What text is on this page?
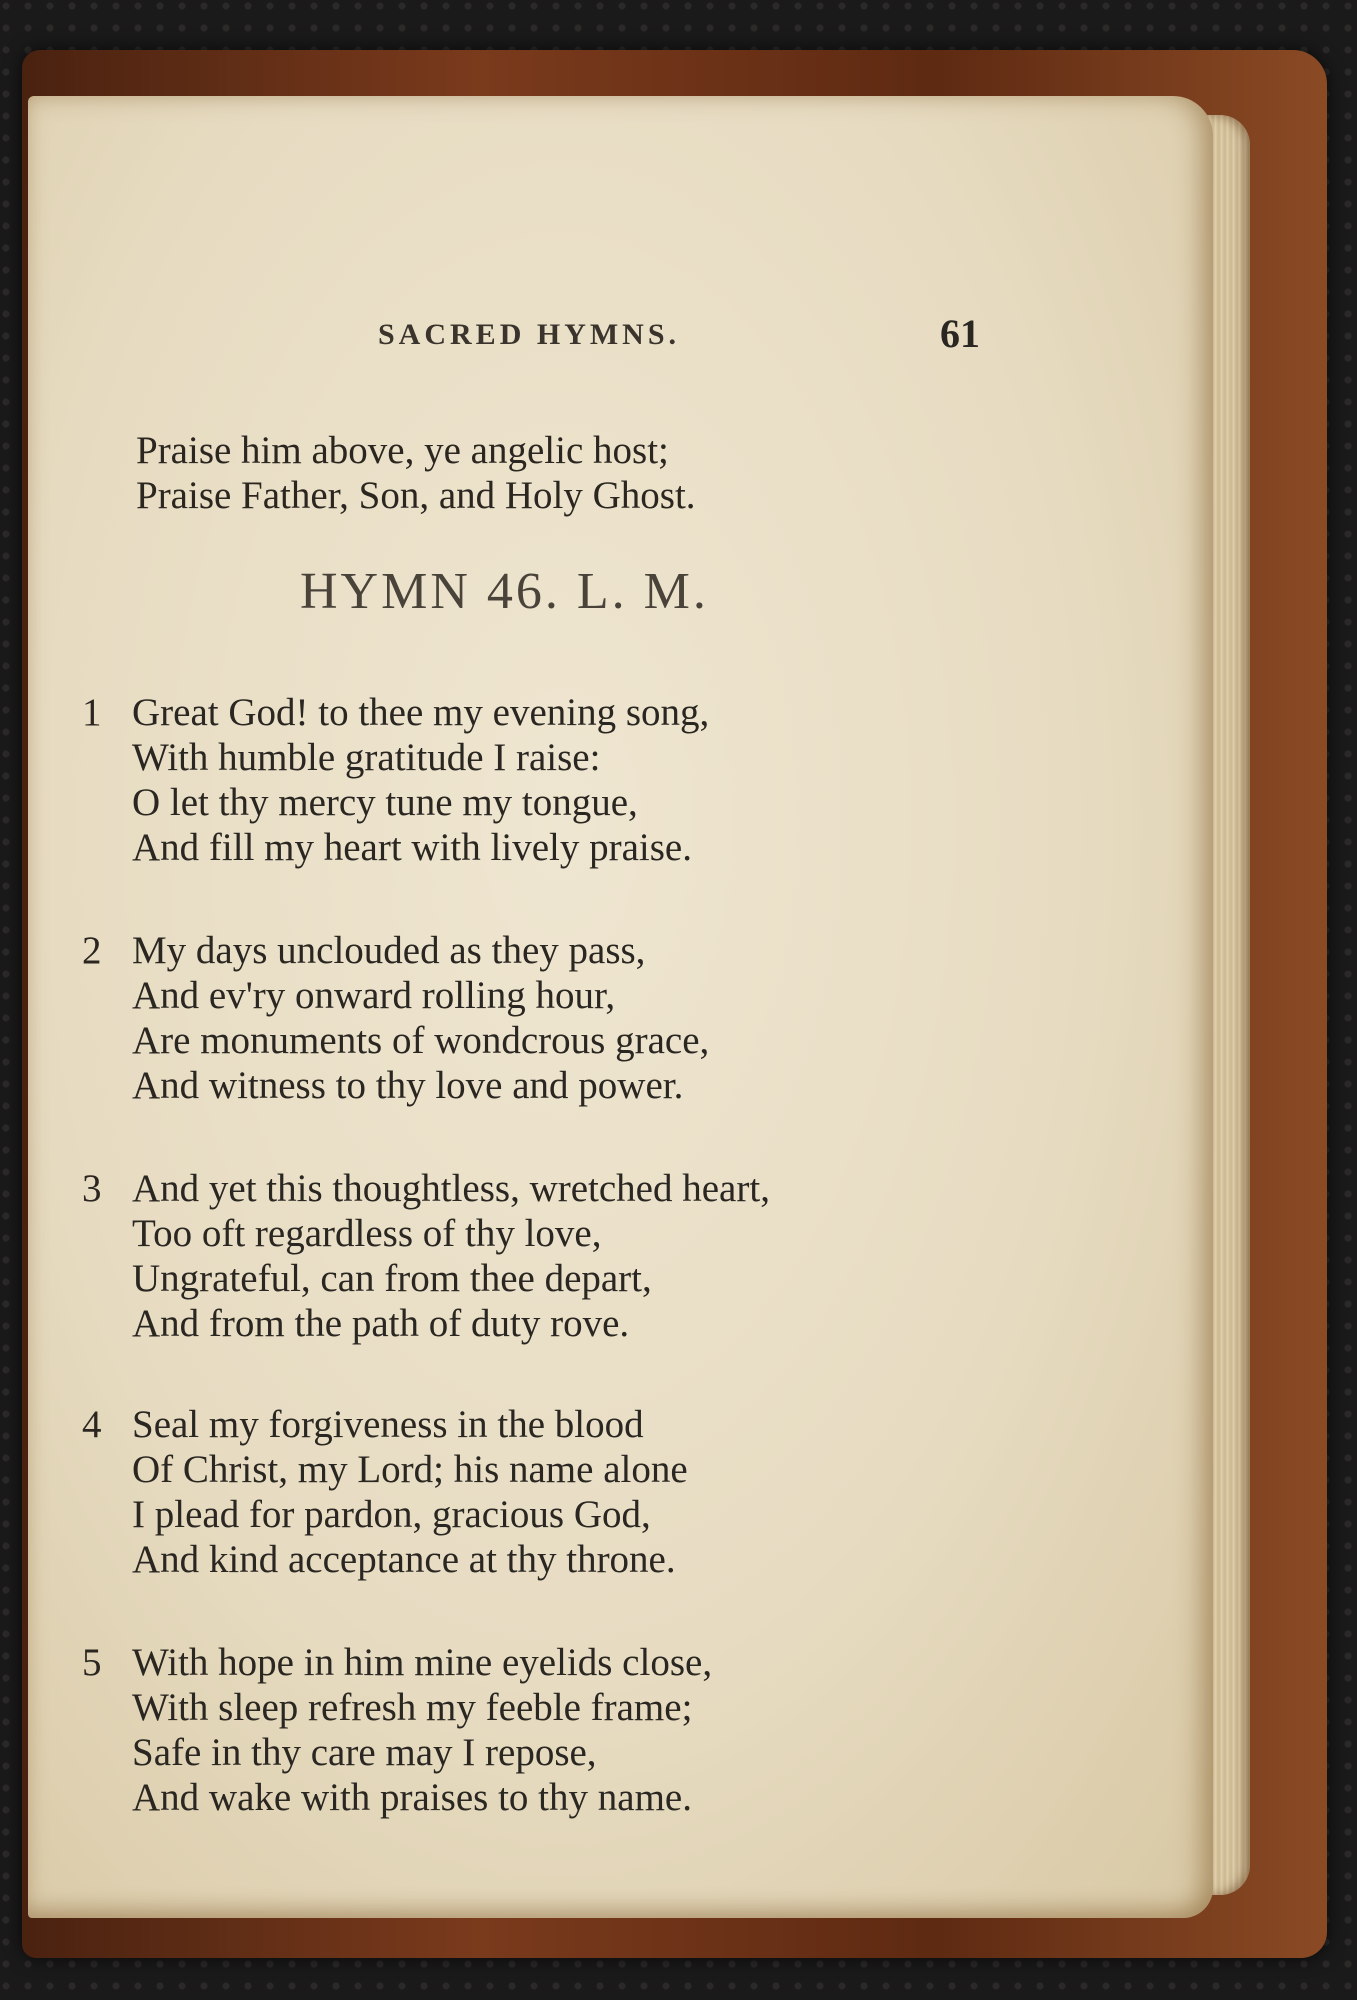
SACRED HYMNS.	61
Praise him above, ye angelic host;
Praise Father, Son, and Holy Ghost.
HYMN 46. L. M.
1 Great God! to thee my evening song,
With humble gratitude I raise:
O let thy mercy tune my tongue,
And fill my heart with lively praise.
2 My days unclouded as they pass,
And ev'ry onward rolling hour,
Are monuments of wondcrous grace,
And witness to thy love and power.
3 And yet this thoughtless, wretched heart,
Too oft regardless of thy love,
Ungrateful, can from thee depart,
And from the path of duty rove.
4 Seal my forgiveness in the blood
Of Christ, my Lord; his name alone
I plead for pardon, gracious God,
And kind acceptance at thy throne.
5 With hope in him mine eyelids close,
With sleep refresh my feeble frame;
Safe in thy care may I repose,
And wake with praises to thy name.
